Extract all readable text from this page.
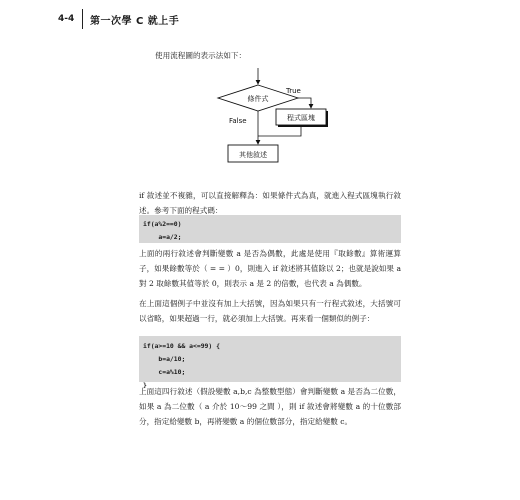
4-4	第一次學 C 就上手
使用流程圖的表示法如下：
條件式
True
程式區塊
False
其他敘述
if 敘述並不複雜，可以直接解釋為：如果條件式為真，就進入程式區塊執行敘述。參考下面的程式碼：
if(a%2==0)
a=a/2;
上面的兩行敘述會判斷變數 a 是否為偶數，此處是使用『取餘數』算術運算子，如果餘數等於（ = = ）0，則進入 if 敘述將其值除以 2；也就是說如果 a 對 2 取餘數其值等於 0，則表示 a 是 2 的倍數，也代表 a 為偶數。
在上面這個例子中並沒有加上大括號，因為如果只有一行程式敘述，大括號可以省略，如果超過一行，就必須加上大括號。再來看一個類似的例子：
if(a>=10 && a<=99) {
b=a/10;
c=a%10;
}
上面這四行敘述（假設變數 a,b,c 為整數型態）會判斷變數 a 是否為二位數，如果 a 為二位數（ a 介於 10～99 之間 ），則 if 敘述會將變數 a 的十位數部分，指定給變數 b，再將變數 a 的個位數部分，指定給變數 c。
